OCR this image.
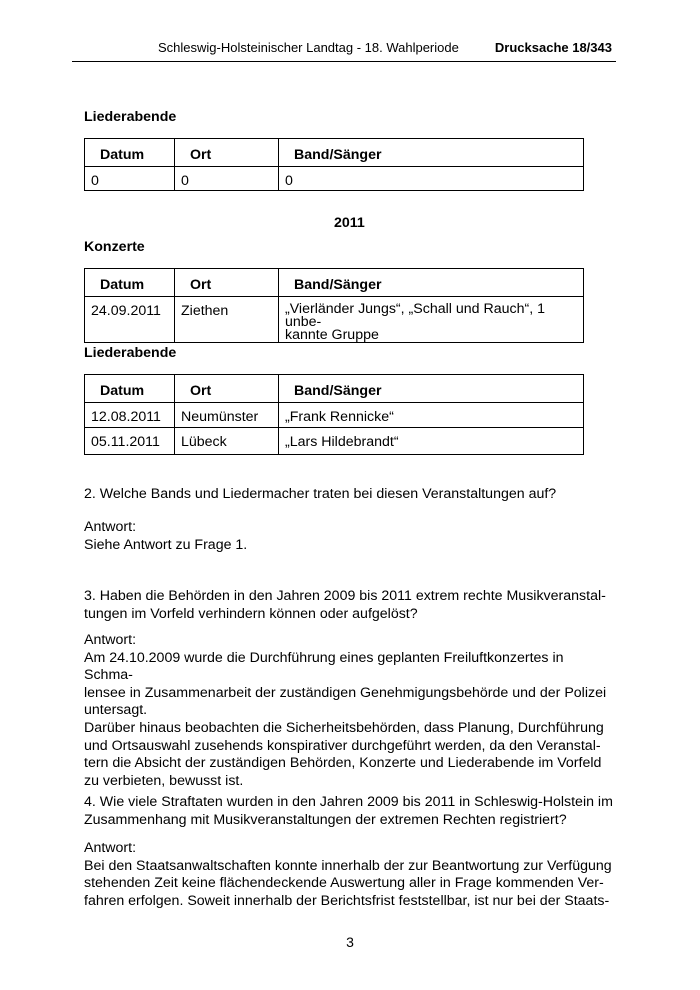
Schleswig-Holsteinischer Landtag - 18. Wahlperiode	Drucksache 18/343
Liederabende
Datum	Ort	Band/Sänger
0	0	0
2011
Konzerte
Datum	Ort	Band/Sänger
24.09.2011	Ziethen	„Vierländer Jungs“, „Schall und Rauch“, 1 unbe-
kannte Gruppe
Liederabende
Datum	Ort	Band/Sänger
12.08.2011	Neumünster	„Frank Rennicke“
05.11.2011	Lübeck	„Lars Hildebrandt“
2. Welche Bands und Liedermacher traten bei diesen Veranstaltungen auf?
Antwort:
Siehe Antwort zu Frage 1.
3. Haben die Behörden in den Jahren 2009 bis 2011 extrem rechte Musikveranstal-
tungen im Vorfeld verhindern können oder aufgelöst?
Antwort:
Am 24.10.2009 wurde die Durchführung eines geplanten Freiluftkonzertes in Schma-
lensee in Zusammenarbeit der zuständigen Genehmigungsbehörde und der Polizei
untersagt.
Darüber hinaus beobachten die Sicherheitsbehörden, dass Planung, Durchführung
und Ortsauswahl zusehends konspirativer durchgeführt werden, da den Veranstal-
tern die Absicht der zuständigen Behörden, Konzerte und Liederabende im Vorfeld
zu verbieten, bewusst ist.
4. Wie viele Straftaten wurden in den Jahren 2009 bis 2011 in Schleswig-Holstein im
Zusammenhang mit Musikveranstaltungen der extremen Rechten registriert?
Antwort:
Bei den Staatsanwaltschaften konnte innerhalb der zur Beantwortung zur Verfügung
stehenden Zeit keine flächendeckende Auswertung aller in Frage kommenden Ver-
fahren erfolgen. Soweit innerhalb der Berichtsfrist feststellbar, ist nur bei der Staats-
3
